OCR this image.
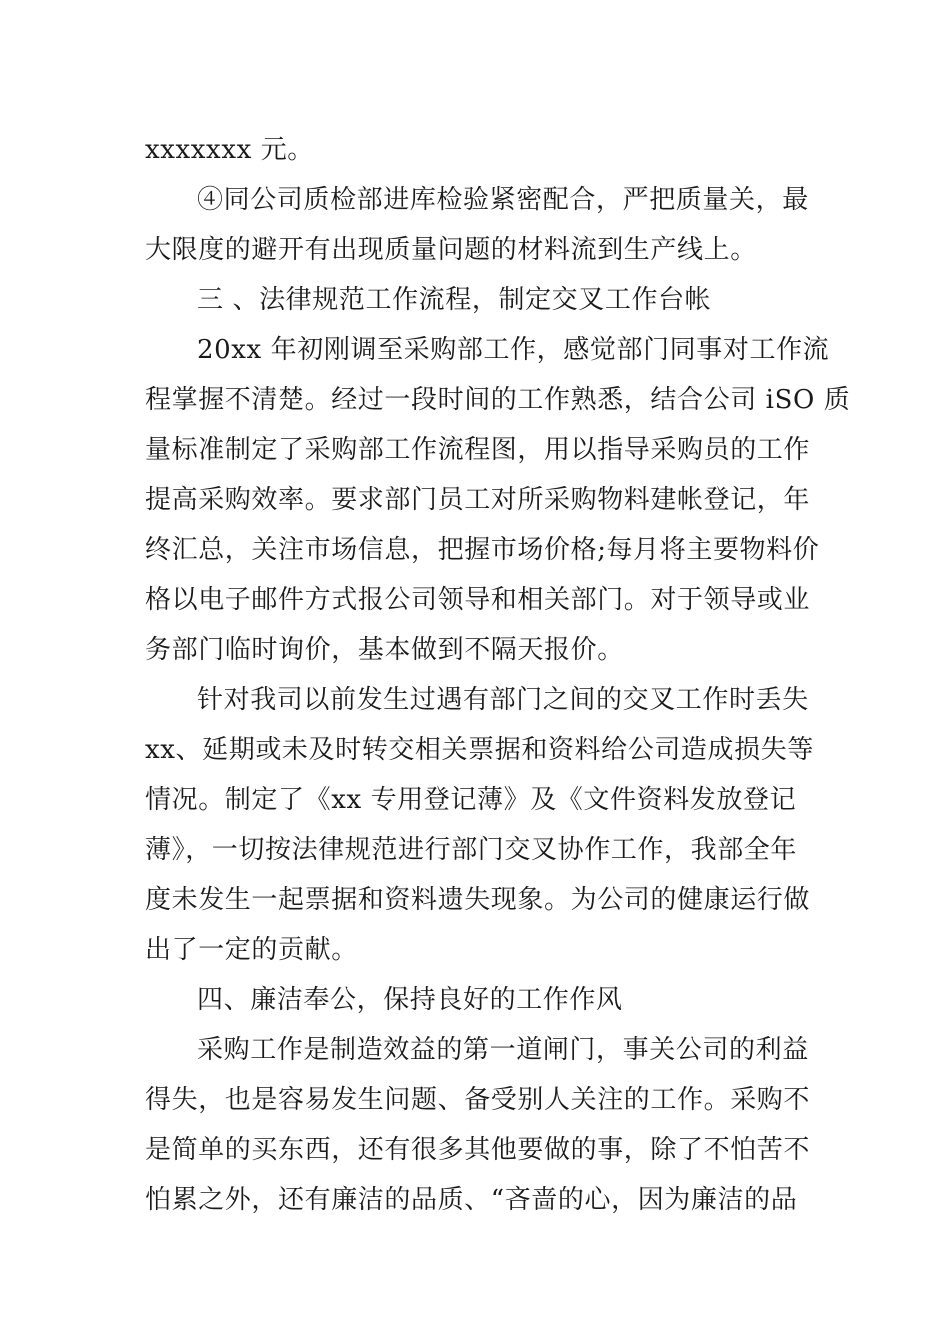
xxxxxxx 元。
④同公司质检部进库检验紧密配合，严把质量关，最
大限度的避开有出现质量问题的材料流到生产线上。
三 、法律规范工作流程，制定交叉工作台帐
20xx 年初刚调至采购部工作，感觉部门同事对工作流
程掌握不清楚。经过一段时间的工作熟悉，结合公司 iSO 质
量标准制定了采购部工作流程图，用以指导采购员的工作
提高采购效率。要求部门员工对所采购物料建帐登记，年
终汇总，关注市场信息，把握市场价格;每月将主要物料价
格以电子邮件方式报公司领导和相关部门。对于领导或业
务部门临时询价，基本做到不隔天报价。
针对我司以前发生过遇有部门之间的交叉工作时丢失
xx、延期或未及时转交相关票据和资料给公司造成损失等
情况。制定了《xx 专用登记薄》及《文件资料发放登记
薄》，一切按法律规范进行部门交叉协作工作，我部全年
度未发生一起票据和资料遗失现象。为公司的健康运行做
出了一定的贡献。
四、廉洁奉公，保持良好的工作作风
采购工作是制造效益的第一道闸门，事关公司的利益
得失，也是容易发生问题、备受别人关注的工作。采购不
是简单的买东西，还有很多其他要做的事，除了不怕苦不
怕累之外，还有廉洁的品质、“吝啬的心，因为廉洁的品
